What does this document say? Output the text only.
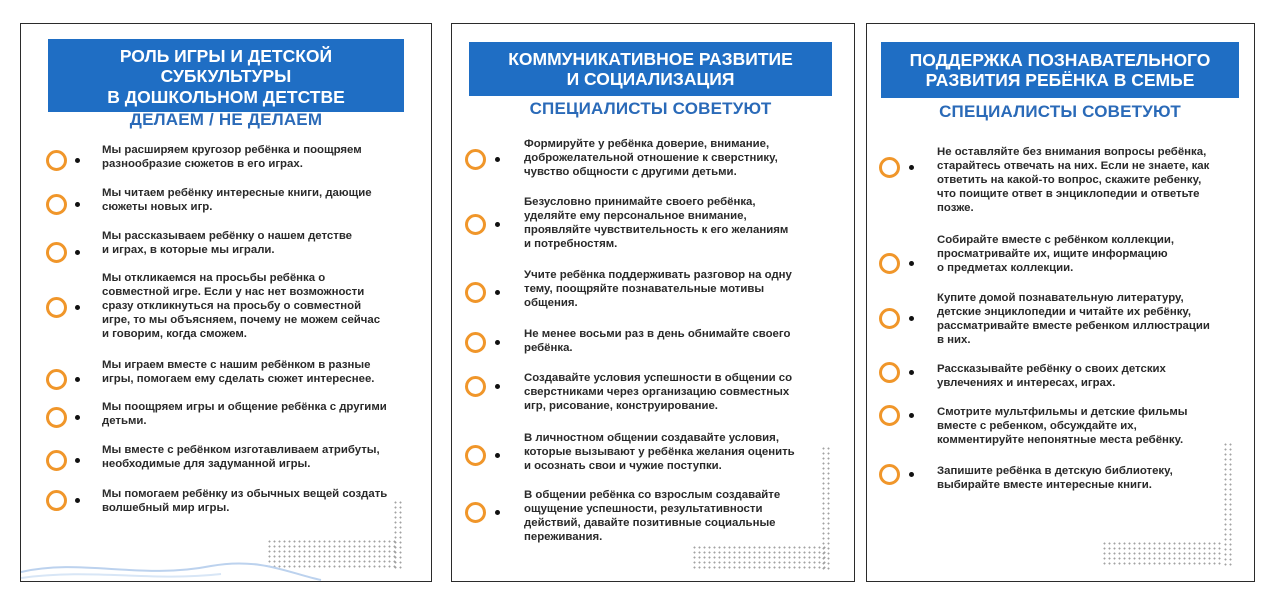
РОЛЬ ИГРЫ И ДЕТСКОЙ
СУБКУЛЬТУРЫ
В ДОШКОЛЬНОМ ДЕТСТВЕ
ДЕЛАЕМ / НЕ ДЕЛАЕМ
Мы расширяем кругозор ребёнка и поощряем
разнообразие сюжетов в его играх.
Мы читаем ребёнку интересные книги, дающие
сюжеты новых игр.
Мы рассказываем ребёнку о нашем детстве
и играх, в которые мы играли.
Мы откликаемся на просьбы ребёнка о
совместной игре. Если у нас нет возможности
сразу откликнуться на просьбу о совместной
игре, то мы объясняем, почему не можем сейчас
и говорим, когда сможем.
Мы играем вместе с нашим ребёнком в разные
игры, помогаем ему сделать сюжет интереснее.
Мы поощряем игры и общение ребёнка с другими
детьми.
Мы вместе с ребёнком изготавливаем атрибуты,
необходимые для задуманной игры.
Мы помогаем ребёнку из обычных вещей создать
волшебный мир игры.
КОММУНИКАТИВНОЕ РАЗВИТИЕ
И СОЦИАЛИЗАЦИЯ
СПЕЦИАЛИСТЫ СОВЕТУЮТ
Формируйте у ребёнка доверие, внимание,
доброжелательной отношение к сверстнику,
чувство общности с другими детьми.
Безусловно принимайте своего ребёнка,
уделяйте ему персональное внимание,
проявляйте чувствительность к его желаниям
и потребностям.
Учите ребёнка поддерживать разговор на одну
тему, поощряйте познавательные мотивы
общения.
Не менее восьми раз в день обнимайте своего
ребёнка.
Создавайте условия успешности в общении со
сверстниками через организацию совместных
игр, рисование, конструирование.
В личностном общении создавайте условия,
которые вызывают у ребёнка желания оценить
и осознать свои и чужие поступки.
В общении ребёнка со взрослым создавайте
ощущение успешности, результативности
действий, давайте позитивные социальные
переживания.
ПОДДЕРЖКА ПОЗНАВАТЕЛЬНОГО
РАЗВИТИЯ РЕБЁНКА В СЕМЬЕ
СПЕЦИАЛИСТЫ СОВЕТУЮТ
Не оставляйте без внимания вопросы ребёнка,
старайтесь отвечать на них. Если не знаете, как
ответить на какой-то вопрос, скажите ребенку,
что поищите ответ в энциклопедии и ответьте
позже.
Собирайте вместе с ребёнком коллекции,
просматривайте их, ищите информацию
о предметах коллекции.
Купите домой познавательную литературу,
детские энциклопедии и читайте их ребёнку,
рассматривайте вместе ребенком иллюстрации
в них.
Рассказывайте ребёнку о своих детских
увлечениях и интересах, играх.
Смотрите мультфильмы и детские фильмы
вместе с ребенком, обсуждайте их,
комментируйте непонятные места ребёнку.
Запишите ребёнка в детскую библиотеку,
выбирайте вместе интересные книги.
